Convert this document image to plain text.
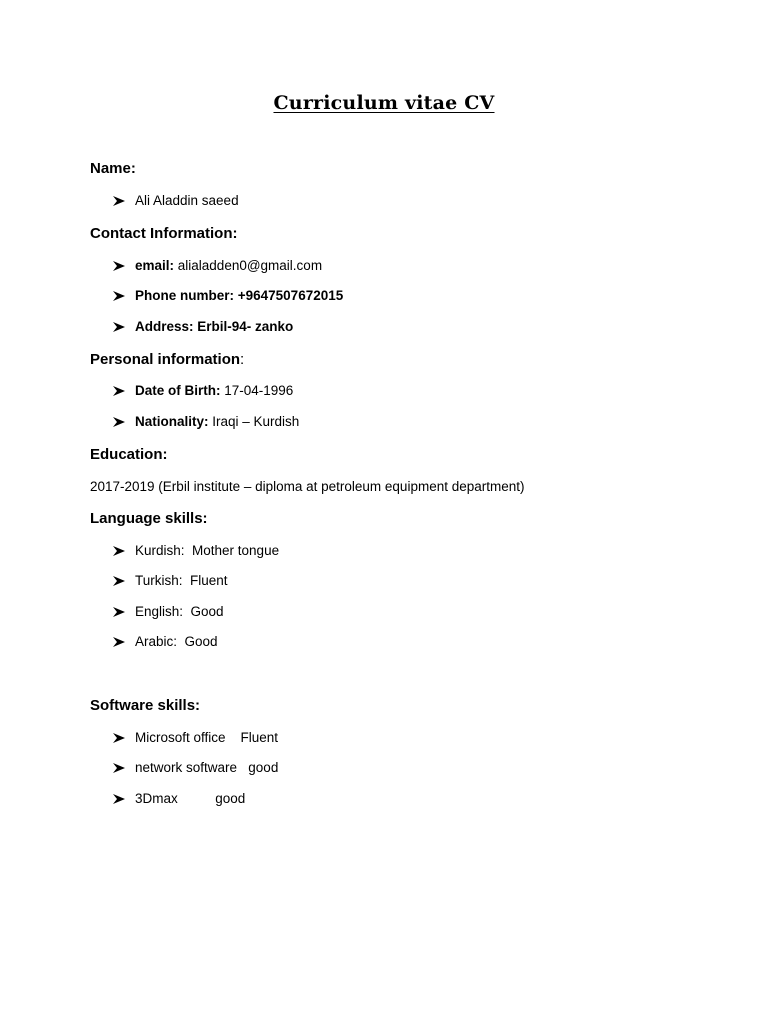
Curriculum vitae CV
Name:
Ali Aladdin saeed
Contact Information:
email: alialadden0@gmail.com
Phone number: +9647507672015
Address: Erbil-94- zanko
Personal information:
Date of Birth: 17-04-1996
Nationality: Iraqi – Kurdish
Education:
2017-2019 (Erbil institute – diploma at petroleum equipment department)
Language skills:
Kurdish:  Mother tongue
Turkish:  Fluent
English:  Good
Arabic:  Good
Software skills:
Microsoft office    Fluent
network software   good
3Dmax          good
